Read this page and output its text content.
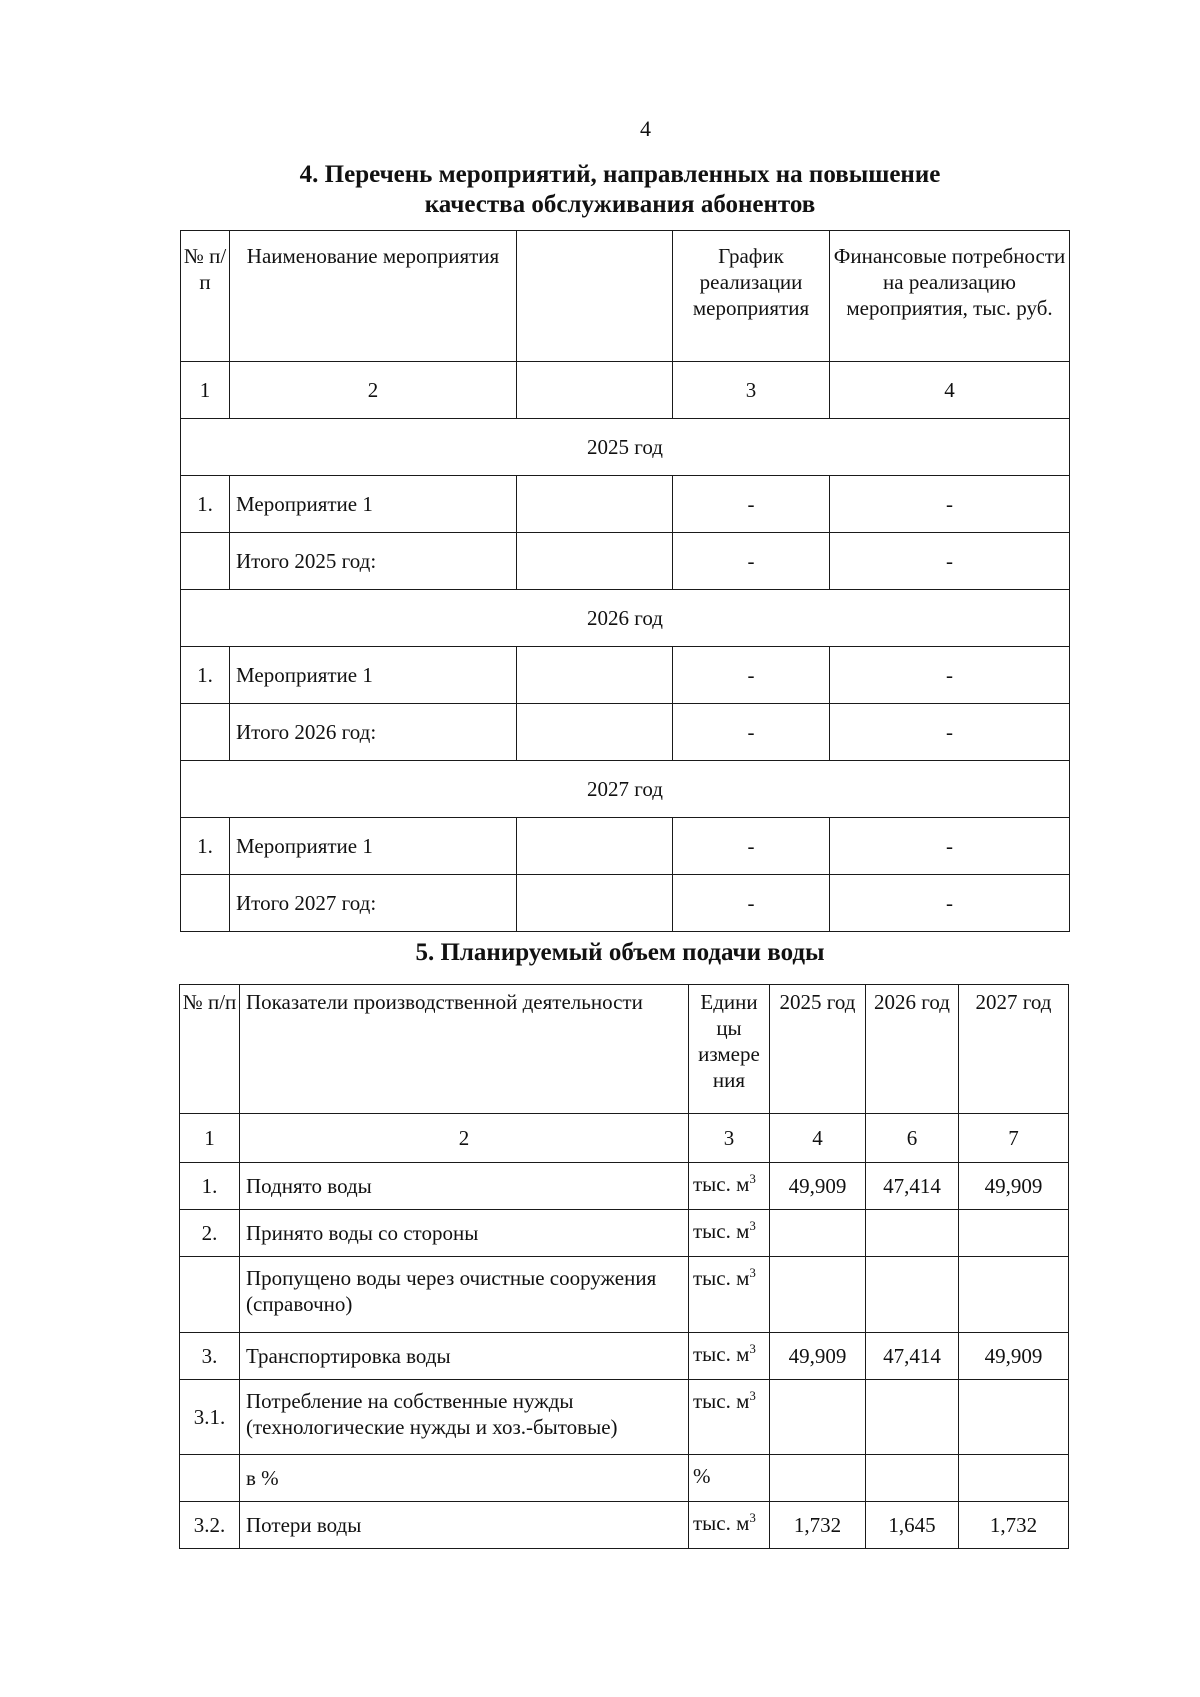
4
4. Перечень мероприятий, направленных на повышение
качества обслуживания абонентов
№ п/п	Наименование мероприятия		График реализации мероприятия	Финансовые потребности на реализацию мероприятия, тыс. руб.
1	2		3	4
2025 год				
1.	Мероприятие 1		-	-
	Итого 2025 год:		-	-
2026 год				
1.	Мероприятие 1		-	-
	Итого 2026 год:		-	-
2027 год				
1.	Мероприятие 1		-	-
	Итого 2027 год:		-	-
5. Планируемый объем подачи воды
№ п/п	Показатели производственной деятельности	Едини цы измере ния	2025 год	2026 год	2027 год
1	2	3	4	6	7
1.	Поднято воды	тыс. $м^3$	49,909	47,414	49,909
2.	Принято воды со стороны	тыс. $м^3$			
	Пропущено воды через очистные сооружения (справочно)	тыс. $м^3$			
3.	Транспортировка воды	тыс. $м^3$	49,909	47,414	49,909
3.1.	Потребление на собственные нужды (технологические нужды и хоз.-бытовые)	тыс. $м^3$			
	в %	%			
3.2.	Потери воды	тыс. $м^3$	1,732	1,645	1,732
